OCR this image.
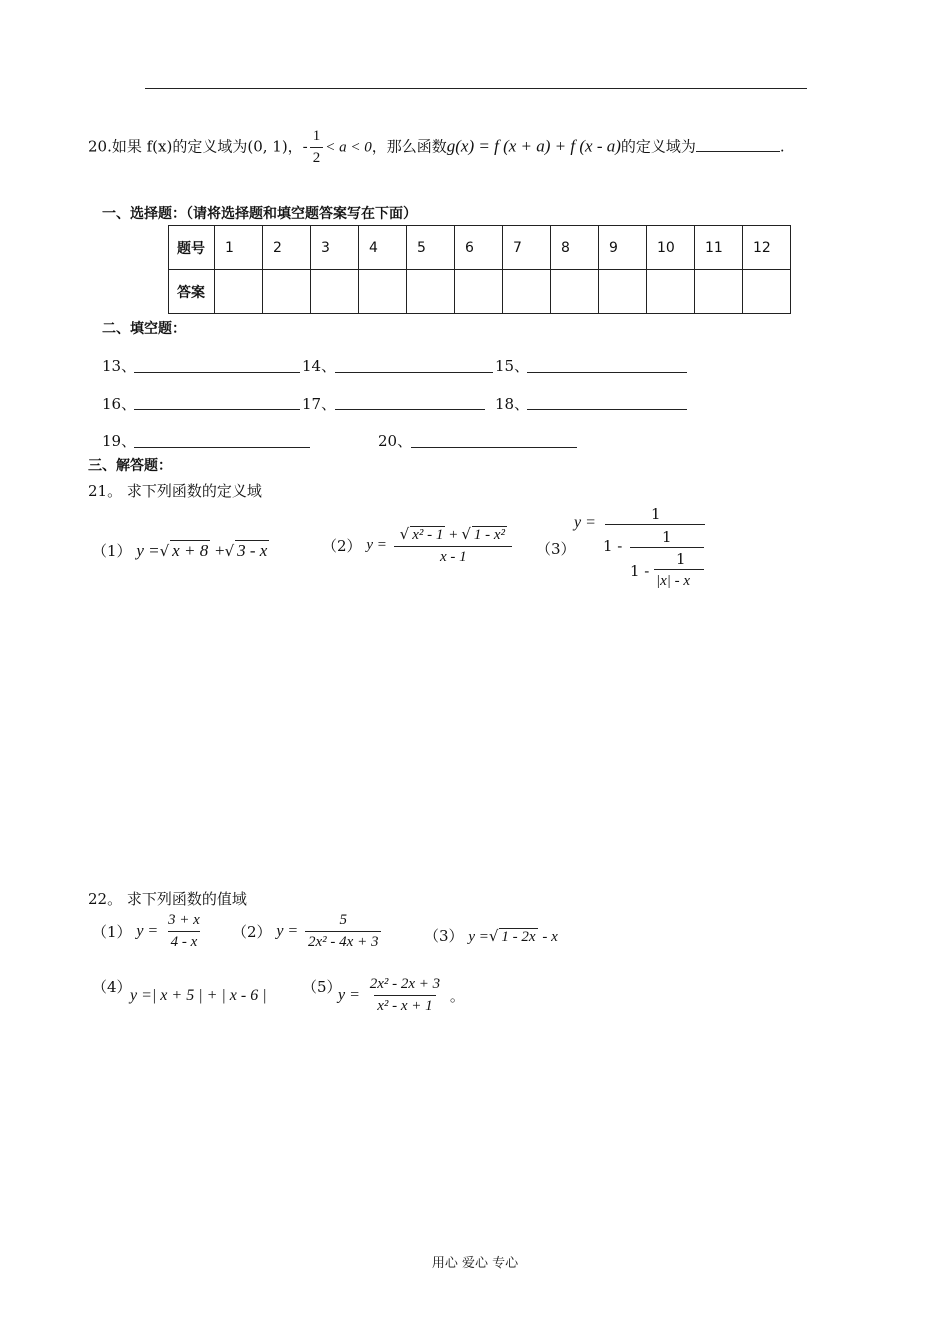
20.如果 f(x)的定义域为(0, 1)，- $\frac{1}{2} < a < 0$，那么函数g(x) = f (x + a) + f (x - a)的定义域为	.
一、选择题：（请将选择题和填空题答案写在下面）
题号	1	2	3	4	5	6	7	8	9	10	11	12
答案												
二、填空题：
13、	14、	15、
16、	17、	18、
19、	20、
三、解答题：
21。 求下列函数的定义域
（1） y =√ x + 8 +√ 3 - x	（2） $y = \frac{\text{√ x² - 1 + √ 1 - x²}}{x - 1} (3)$
y =	1
1 -	1
1 -
1
|x| - x
22。 求下列函数的值域
（1） $y = \frac{3 + x}{4 - x} (2) y = \frac{5}{\text{2x² - 4x + 3}}$	（3） y =√ 1 - 2x - x
（4）
y =| x + 5 | + | x - 6 | （5）
$y = \frac{\text{2x² - 2x + 3}}{\text{x² - x + 1}}$ 。
用心 爱心 专心
